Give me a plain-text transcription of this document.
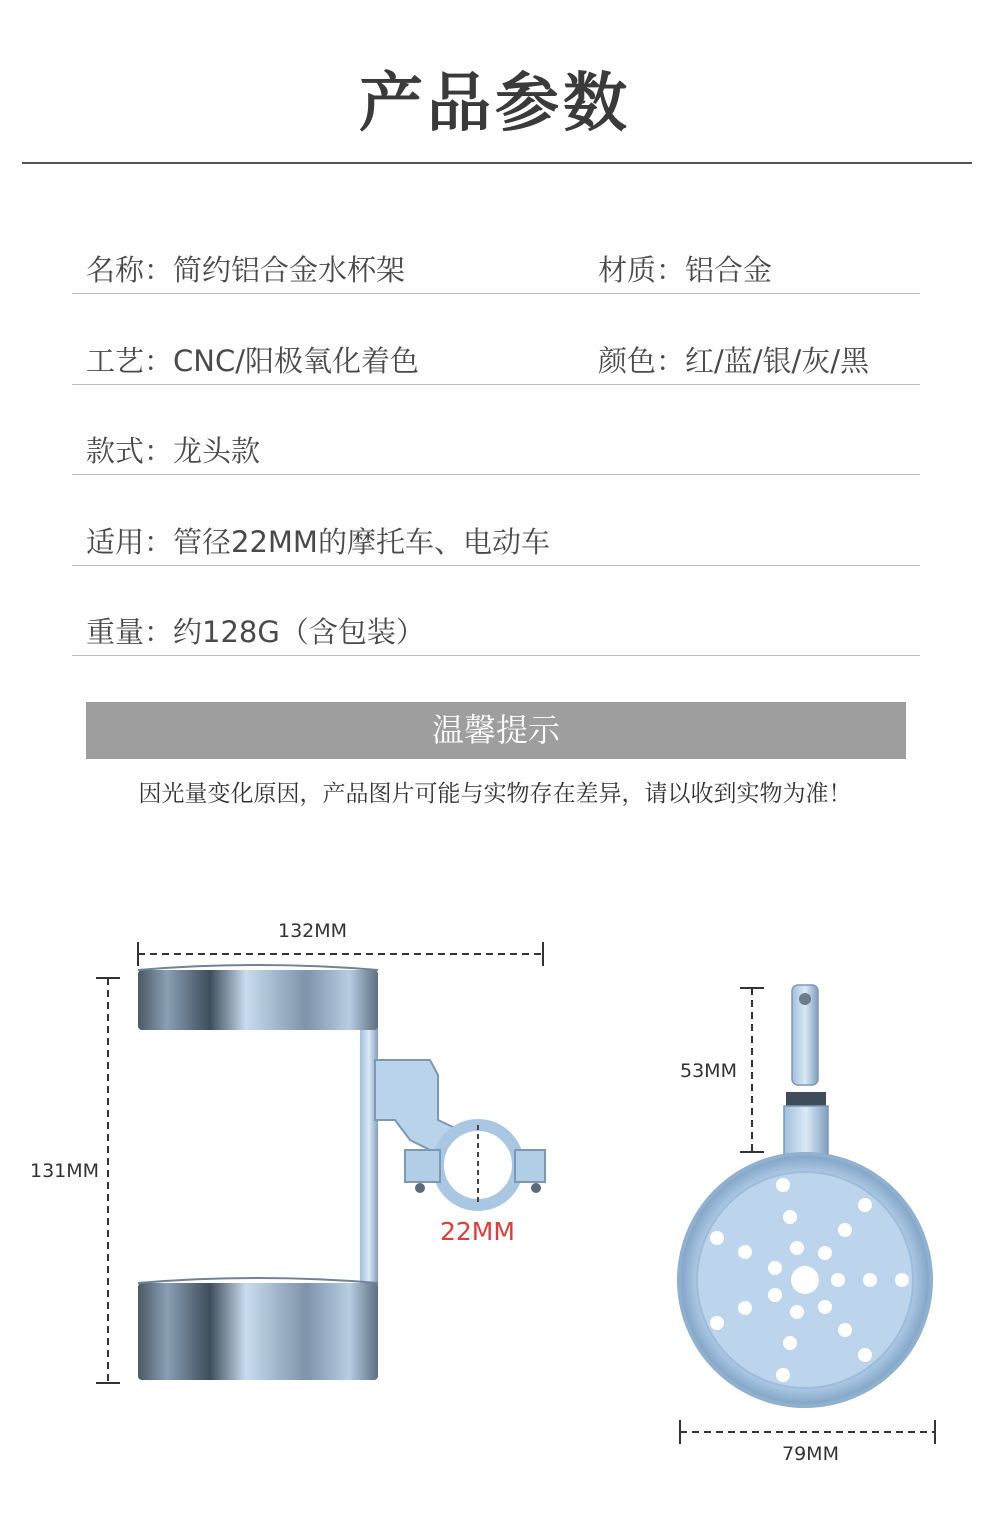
产品参数
名称：简约铝合金水杯架	材质：铝合金
工艺：CNC/阳极氧化着色	颜色：红/蓝/银/灰/黑
款式：龙头款
适用：管径22MM的摩托车、电动车
重量：约128G（含包装）
温馨提示
因光量变化原因，产品图片可能与实物存在差异，请以收到实物为准！
132MM
131MM
22MM
53MM
79MM
